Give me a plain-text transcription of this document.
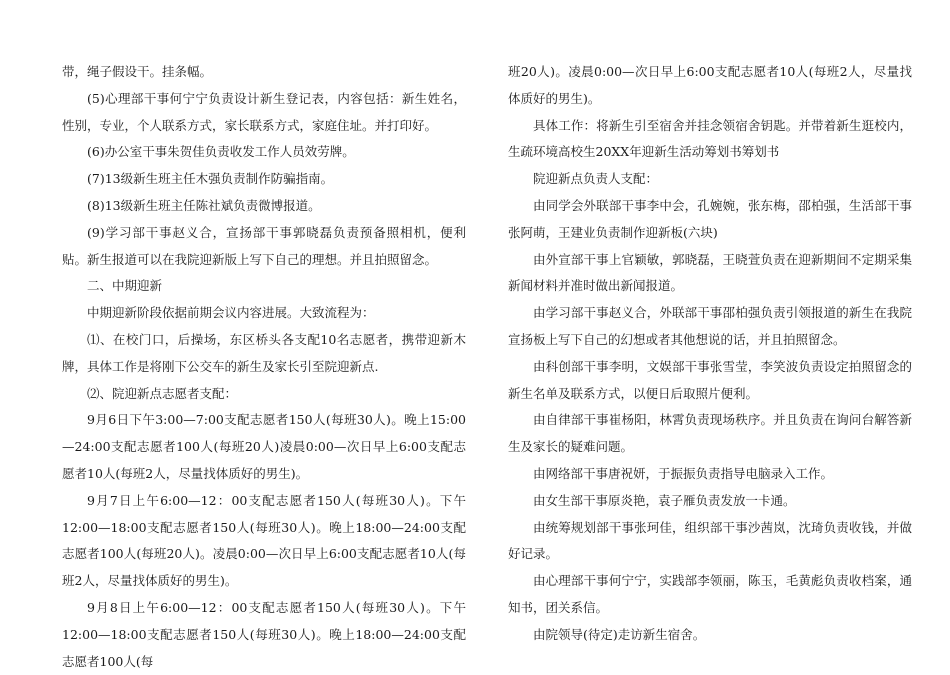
带，绳子假设干。挂条幅。

(5)心理部干事何宁宁负责设计新生登记表，内容包括：新生姓名，性别，专业，个人联系方式，家长联系方式，家庭住址。并打印好。

(6)办公室干事朱贺佳负责收发工作人员效劳牌。

(7)13级新生班主任木强负责制作防骗指南。

(8)13级新生班主任陈社斌负责微博报道。

(9)学习部干事赵义合，宣扬部干事郭晓磊负责预备照相机，便利贴。新生报道可以在我院迎新版上写下自己的理想。并且拍照留念。

二、中期迎新

中期迎新阶段依据前期会议内容进展。大致流程为：

⑴、在校门口，后操场，东区桥头各支配10名志愿者，携带迎新木牌，具体工作是将刚下公交车的新生及家长引至院迎新点.

⑵、院迎新点志愿者支配：

9月6日下午3:00—7:00支配志愿者150人(每班30人)。晚上15:00—24:00支配志愿者100人(每班20人)凌晨0:00—次日早上6:00支配志愿者10人(每班2人，尽量找体质好的男生)。

9月7日上午6:00—12：00支配志愿者150人(每班30人)。下午12:00—18:00支配志愿者150人(每班30人)。晚上18:00—24:00支配志愿者100人(每班20人)。凌晨0:00—次日早上6:00支配志愿者10人(每班2人，尽量找体质好的男生)。

9月8日上午6:00—12：00支配志愿者150人(每班30人)。下午12:00—18:00支配志愿者150人(每班30人)。晚上18:00—24:00支配志愿者100人(每

班20人)。凌晨0:00—次日早上6:00支配志愿者10人(每班2人，尽量找体质好的男生)。

具体工作：将新生引至宿舍并挂念领宿舍钥匙。并带着新生逛校内，生疏环境高校生20XX年迎新生活动筹划书筹划书

院迎新点负责人支配：

由同学会外联部干事李中会，孔婉婉，张东梅，邵柏强，生活部干事张阿萌，王建业负责制作迎新板(六块)

由外宣部干事上官颖敏，郭晓磊，王晓萱负责在迎新期间不定期采集新闻材料并准时做出新闻报道。

由学习部干事赵义合，外联部干事邵柏强负责引领报道的新生在我院宣扬板上写下自己的幻想或者其他想说的话，并且拍照留念。

由科创部干事李明，文娱部干事张雪莹，李笑波负责设定拍照留念的新生名单及联系方式，以便日后取照片便利。

由自律部干事崔杨阳，林霄负责现场秩序。并且负责在询问台解答新生及家长的疑难问题。

由网络部干事唐祝妍，于振振负责指导电脑录入工作。

由女生部干事原炎艳，袁子雁负责发放一卡通。

由统筹规划部干事张珂佳，组织部干事沙茜岚，沈琦负责收钱，并做好记录。

由心理部干事何宁宁，实践部李领丽，陈玉，毛黄彪负责收档案，通知书，团关系信。

由院领导(待定)走访新生宿舍。
